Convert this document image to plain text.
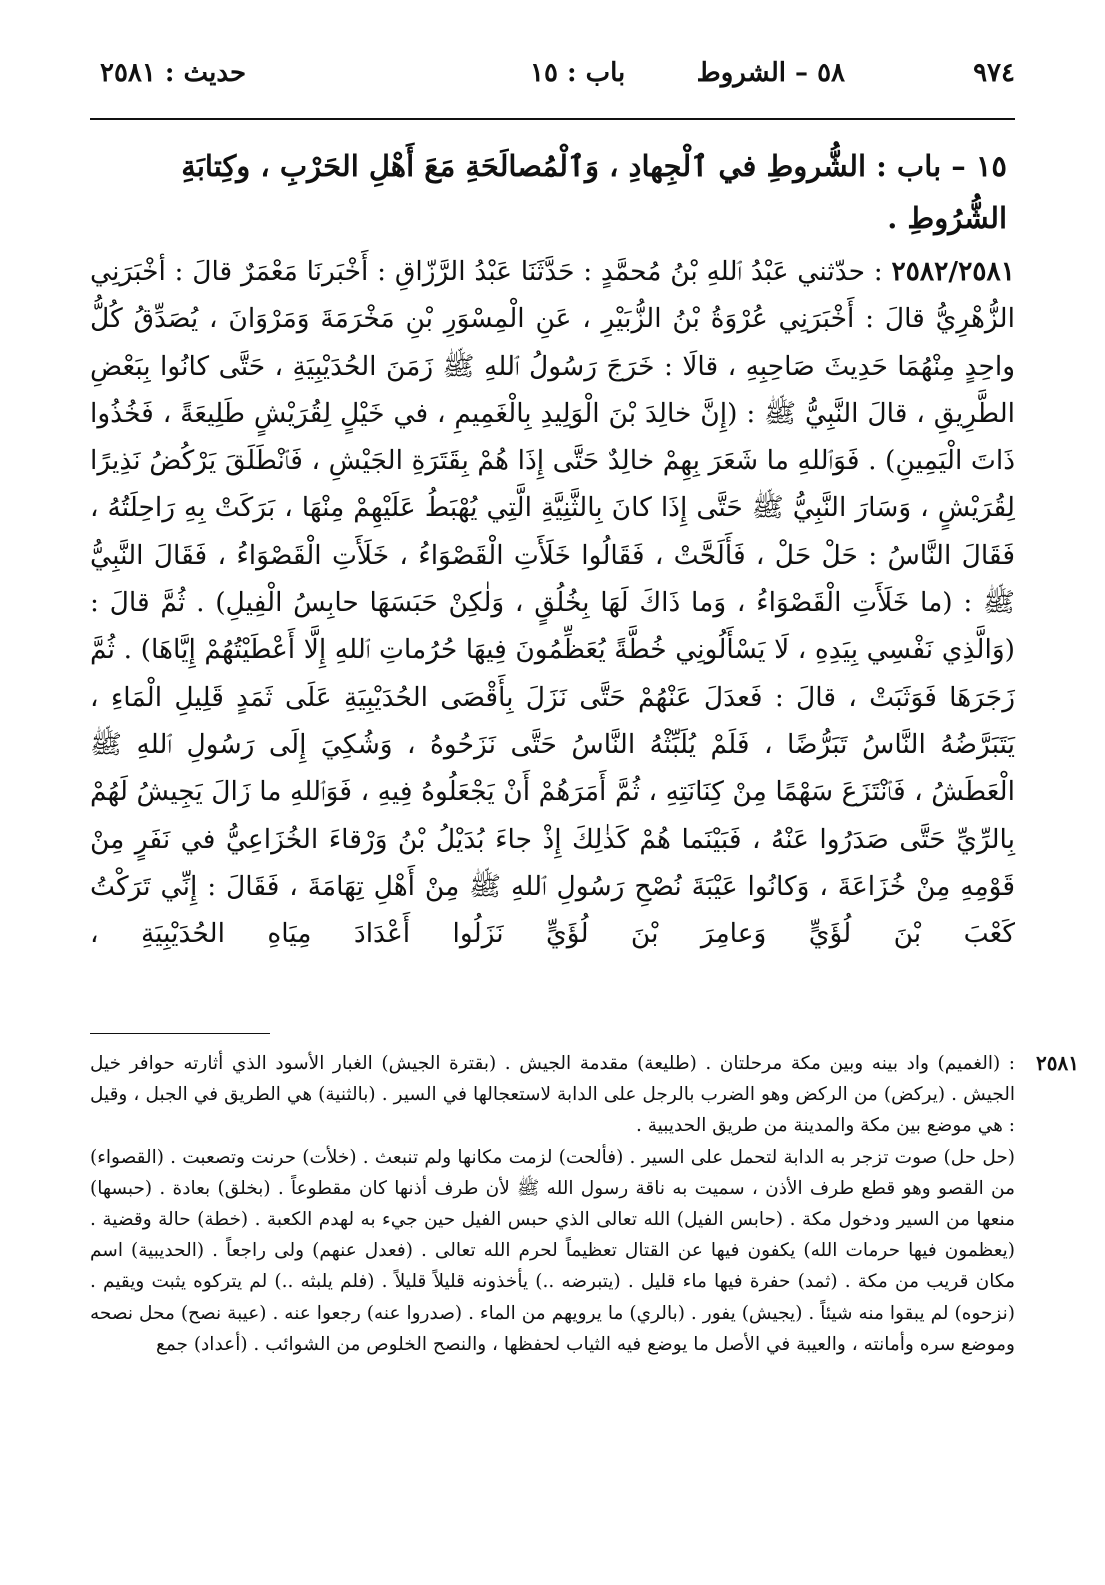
٩٧٤
٥٨ – الشروط
باب : ١٥
حديث : ٢٥٨١
١٥ – باب : الشُّروطِ في ٱلْجِهادِ ، وَٱلْمُصالَحَةِ مَعَ أَهْلِ الحَرْبِ ، وكِتابَةِ الشُّرُوطِ .

٢٥٨٢/٢٥٨١ : حدّثني عَبْدُ ٱللهِ بْنُ مُحمَّدٍ : حَدَّثَنَا عَبْدُ الرَّزّاقِ : أَخْبَرنَا مَعْمَرٌ قالَ : أخْبَرَنِي الزُّهْرِيُّ قالَ : أَخْبَرَنِي عُرْوَةُ بْنُ الزُّبَيْرِ ، عَنِ الْمِسْوَرِ بْنِ مَخْرَمَةَ وَمَرْوَانَ ، يُصَدِّقُ كُلُّ واحِدٍ مِنْهُمَا حَدِيثَ صَاحِبِهِ ، قالَا : خَرَجَ رَسُولُ ٱللهِ ﷺ زَمَنَ الحُدَيْبِيَةِ ، حَتَّى كانُوا بِبَعْضِ الطَّرِيقِ ، قالَ النَّبِيُّ ﷺ : (إِنَّ خالِدَ بْنَ الْوَلِيدِ بِالْغَمِيمِ ، في خَيْلٍ لِقُرَيْشٍ طَلِيعَةً ، فَخُذُوا ذَاتَ الْيَمِينِ) . فَوَٱللهِ ما شَعَرَ بِهِمْ خالِدٌ حَتَّى إِذَا هُمْ بِقَتَرَةِ الجَيْشِ ، فَٱنْطَلَقَ يَرْكُضُ نَذِيرًا لِقُرَيْشٍ ، وَسَارَ النَّبِيُّ ﷺ حَتَّى إِذَا كانَ بِالثَّنِيَّةِ الَّتِي يُهْبَطُ عَلَيْهِمْ مِنْهَا ، بَرَكَتْ بِهِ رَاحِلَتُهُ ، فَقَالَ النَّاسُ : حَلْ حَلْ ، فَأَلَحَّتْ ، فَقَالُوا خَلَأَتِ الْقَصْوَاءُ ، خَلَأَتِ الْقَصْوَاءُ ، فَقَالَ النَّبِيُّ ﷺ : (ما خَلَأَتِ الْقَصْوَاءُ ، وَما ذَاكَ لَهَا بِخُلُقٍ ، وَلٰكِنْ حَبَسَهَا حابِسُ الْفِيلِ) . ثُمَّ قالَ : (وَالَّذِي نَفْسِي بِيَدِهِ ، لَا يَسْأَلُونِي خُطَّةً يُعَظِّمُونَ فِيهَا حُرُماتِ ٱللهِ إِلَّا أَعْطَيْتُهُمْ إِيَّاهَا) . ثُمَّ زَجَرَهَا فَوَثَبَتْ ، قالَ : فَعدَلَ عَنْهُمْ حَتَّى نَزَلَ بِأَقْصَى الحُدَيْبِيَةِ عَلَى ثَمَدٍ قَلِيلِ الْمَاءِ ، يَتَبَرَّضُهُ النَّاسُ تَبَرُّضًا ، فَلَمْ يُلَبِّثْهُ النَّاسُ حَتَّى نَزَحُوهُ ، وَشُكِيَ إِلَى رَسُولِ ٱللهِ ﷺ الْعَطَشُ ، فَٱنْتَزَعَ سَهْمًا مِنْ كِنَانَتِهِ ، ثُمَّ أَمَرَهُمْ أَنْ يَجْعَلُوهُ فِيهِ ، فَوَٱللهِ ما زَالَ يَجِيشُ لَهُمْ بِالرِّيِّ حَتَّى صَدَرُوا عَنْهُ ، فَبَيْنَما هُمْ كَذٰلِكَ إِذْ جاءَ بُدَيْلُ بْنُ وَرْقاءَ الخُزَاعِيُّ في نَفَرٍ مِنْ قَوْمِهِ مِنْ خُزَاعَةَ ، وَكانُوا عَيْبَةَ نُصْحِ رَسُولِ ٱللهِ ﷺ مِنْ أَهْلِ تِهَامَةَ ، فَقَالَ : إِنِّي تَرَكْتُ كَعْبَ بْنَ لُؤَيٍّ وَعامِرَ بْنَ لُؤَيٍّ نَزَلُوا أَعْدَادَ مِيَاهِ الحُدَيْبِيَةِ ،

٢٥٨١

: (الغميم) واد بينه وبين مكة مرحلتان . (طليعة) مقدمة الجيش . (بقترة الجيش) الغبار الأسود الذي أثارته حوافر خيل الجيش . (يركض) من الركض وهو الضرب بالرجل على الدابة لاستعجالها في السير . (بالثنية) هي الطريق في الجبل ، وقيل : هي موضع بين مكة والمدينة من طريق الحديبية .

(حل حل) صوت تزجر به الدابة لتحمل على السير . (فألحت) لزمت مكانها ولم تنبعث . (خلأت) حرنت وتصعبت . (القصواء) من القصو وهو قطع طرف الأذن ، سميت به ناقة رسول الله ﷺ لأن طرف أذنها كان مقطوعاً . (بخلق) بعادة . (حبسها) منعها من السير ودخول مكة . (حابس الفيل) الله تعالى الذي حبس الفيل حين جيء به لهدم الكعبة . (خطة) حالة وقضية . (يعظمون فيها حرمات الله) يكفون فيها عن القتال تعظيماً لحرم الله تعالى . (فعدل عنهم) ولى راجعاً . (الحديبية) اسم مكان قريب من مكة . (ثمد) حفرة فيها ماء قليل . (يتبرضه ..) يأخذونه قليلاً قليلاً . (فلم يلبثه ..) لم يتركوه يثبت ويقيم . (نزحوه) لم يبقوا منه شيئاً . (يجيش) يفور . (بالري) ما يرويهم من الماء . (صدروا عنه) رجعوا عنه . (عيبة نصح) محل نصحه وموضع سره وأمانته ، والعيبة في الأصل ما يوضع فيه الثياب لحفظها ، والنصح الخلوص من الشوائب . (أعداد) جمع
